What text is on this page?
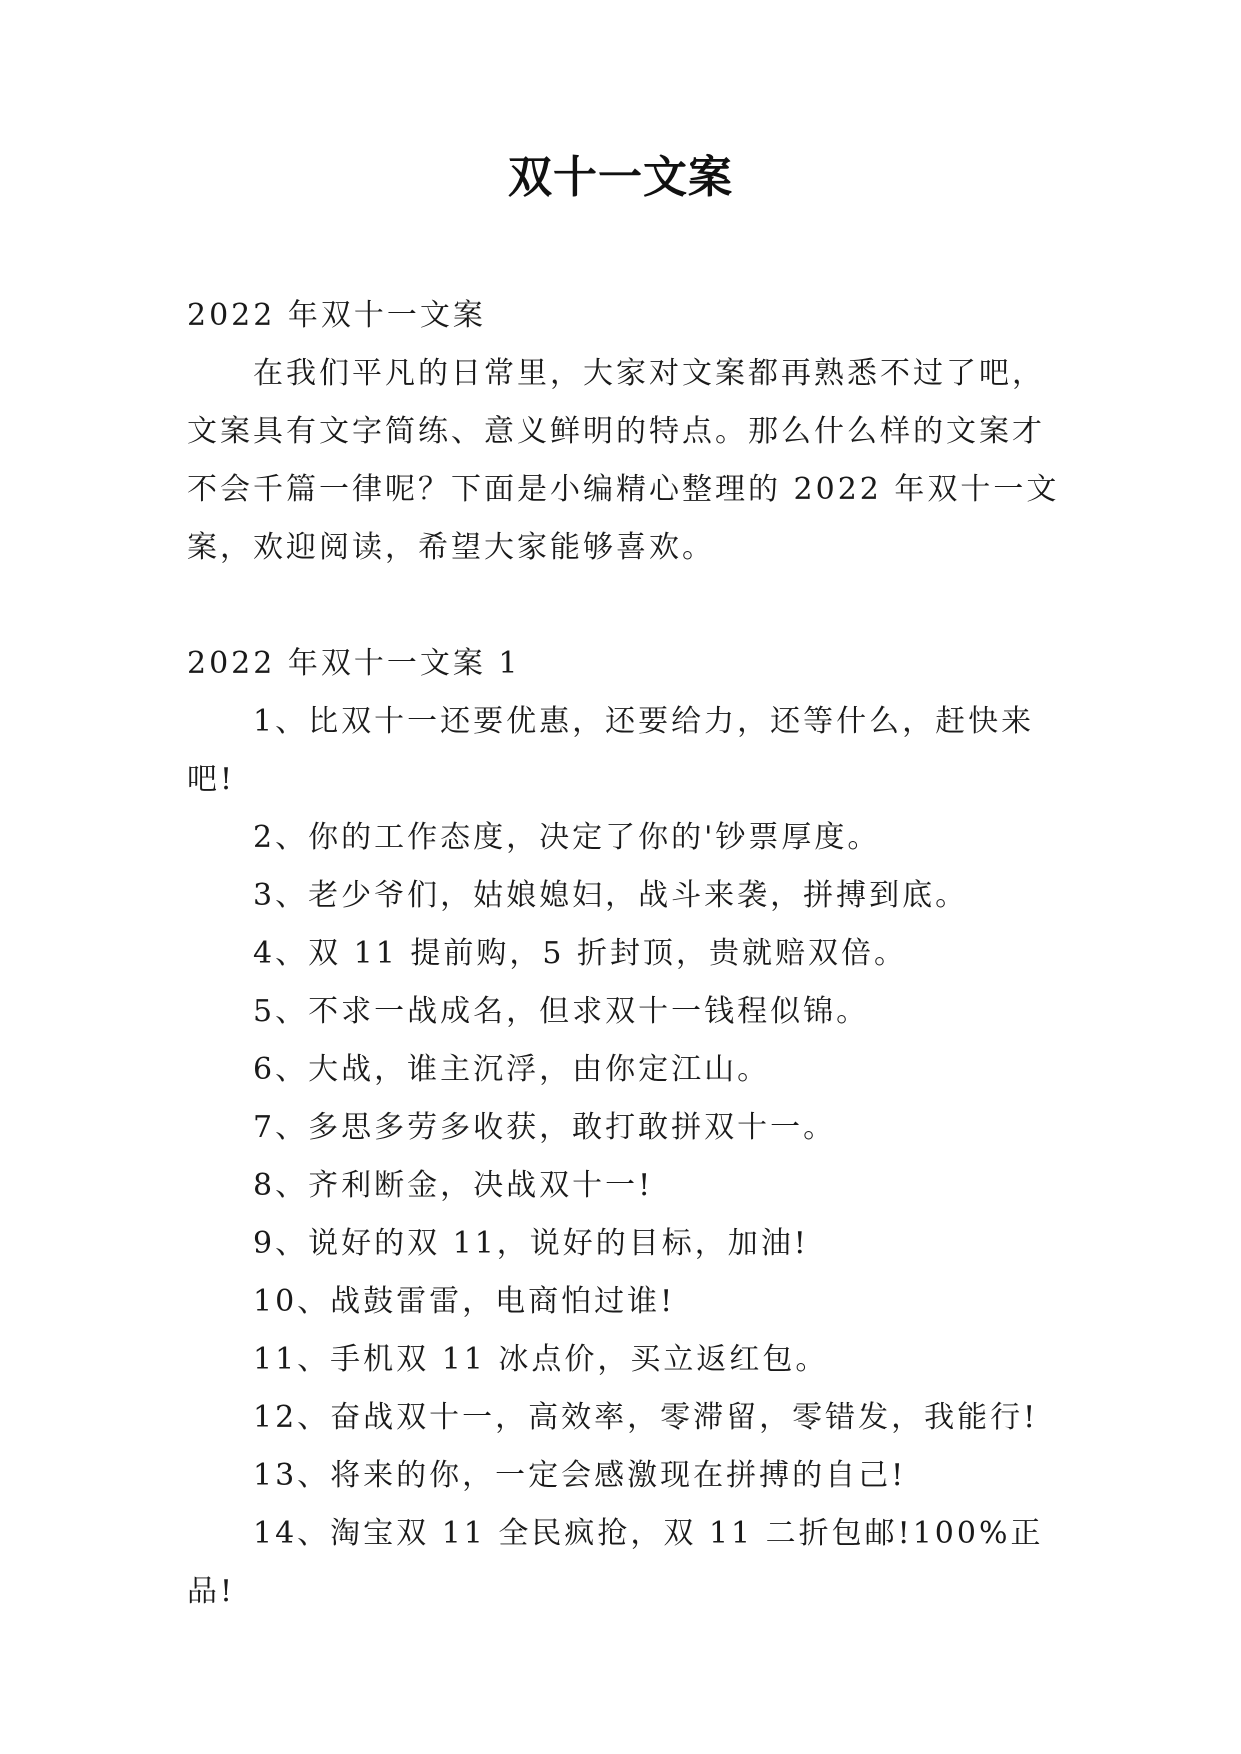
双十一文案

2022 年双十一文案

在我们平凡的日常里，大家对文案都再熟悉不过了吧，文案具有文字简练、意义鲜明的特点。那么什么样的文案才不会千篇一律呢？下面是小编精心整理的 2022 年双十一文案，欢迎阅读，希望大家能够喜欢。

2022 年双十一文案 1

1、比双十一还要优惠，还要给力，还等什么，赶快来吧!

2、你的工作态度，决定了你的'钞票厚度。

3、老少爷们，姑娘媳妇，战斗来袭，拼搏到底。

4、双 11 提前购，5 折封顶，贵就赔双倍。

5、不求一战成名，但求双十一钱程似锦。

6、大战，谁主沉浮，由你定江山。

7、多思多劳多收获，敢打敢拼双十一。

8、齐利断金，决战双十一!

9、说好的双 11，说好的目标，加油!

10、战鼓雷雷，电商怕过谁!

11、手机双 11 冰点价，买立返红包。

12、奋战双十一，高效率，零滞留，零错发，我能行!

13、将来的你，一定会感激现在拼搏的自己!

14、淘宝双 11 全民疯抢，双 11 二折包邮!100%正品!
